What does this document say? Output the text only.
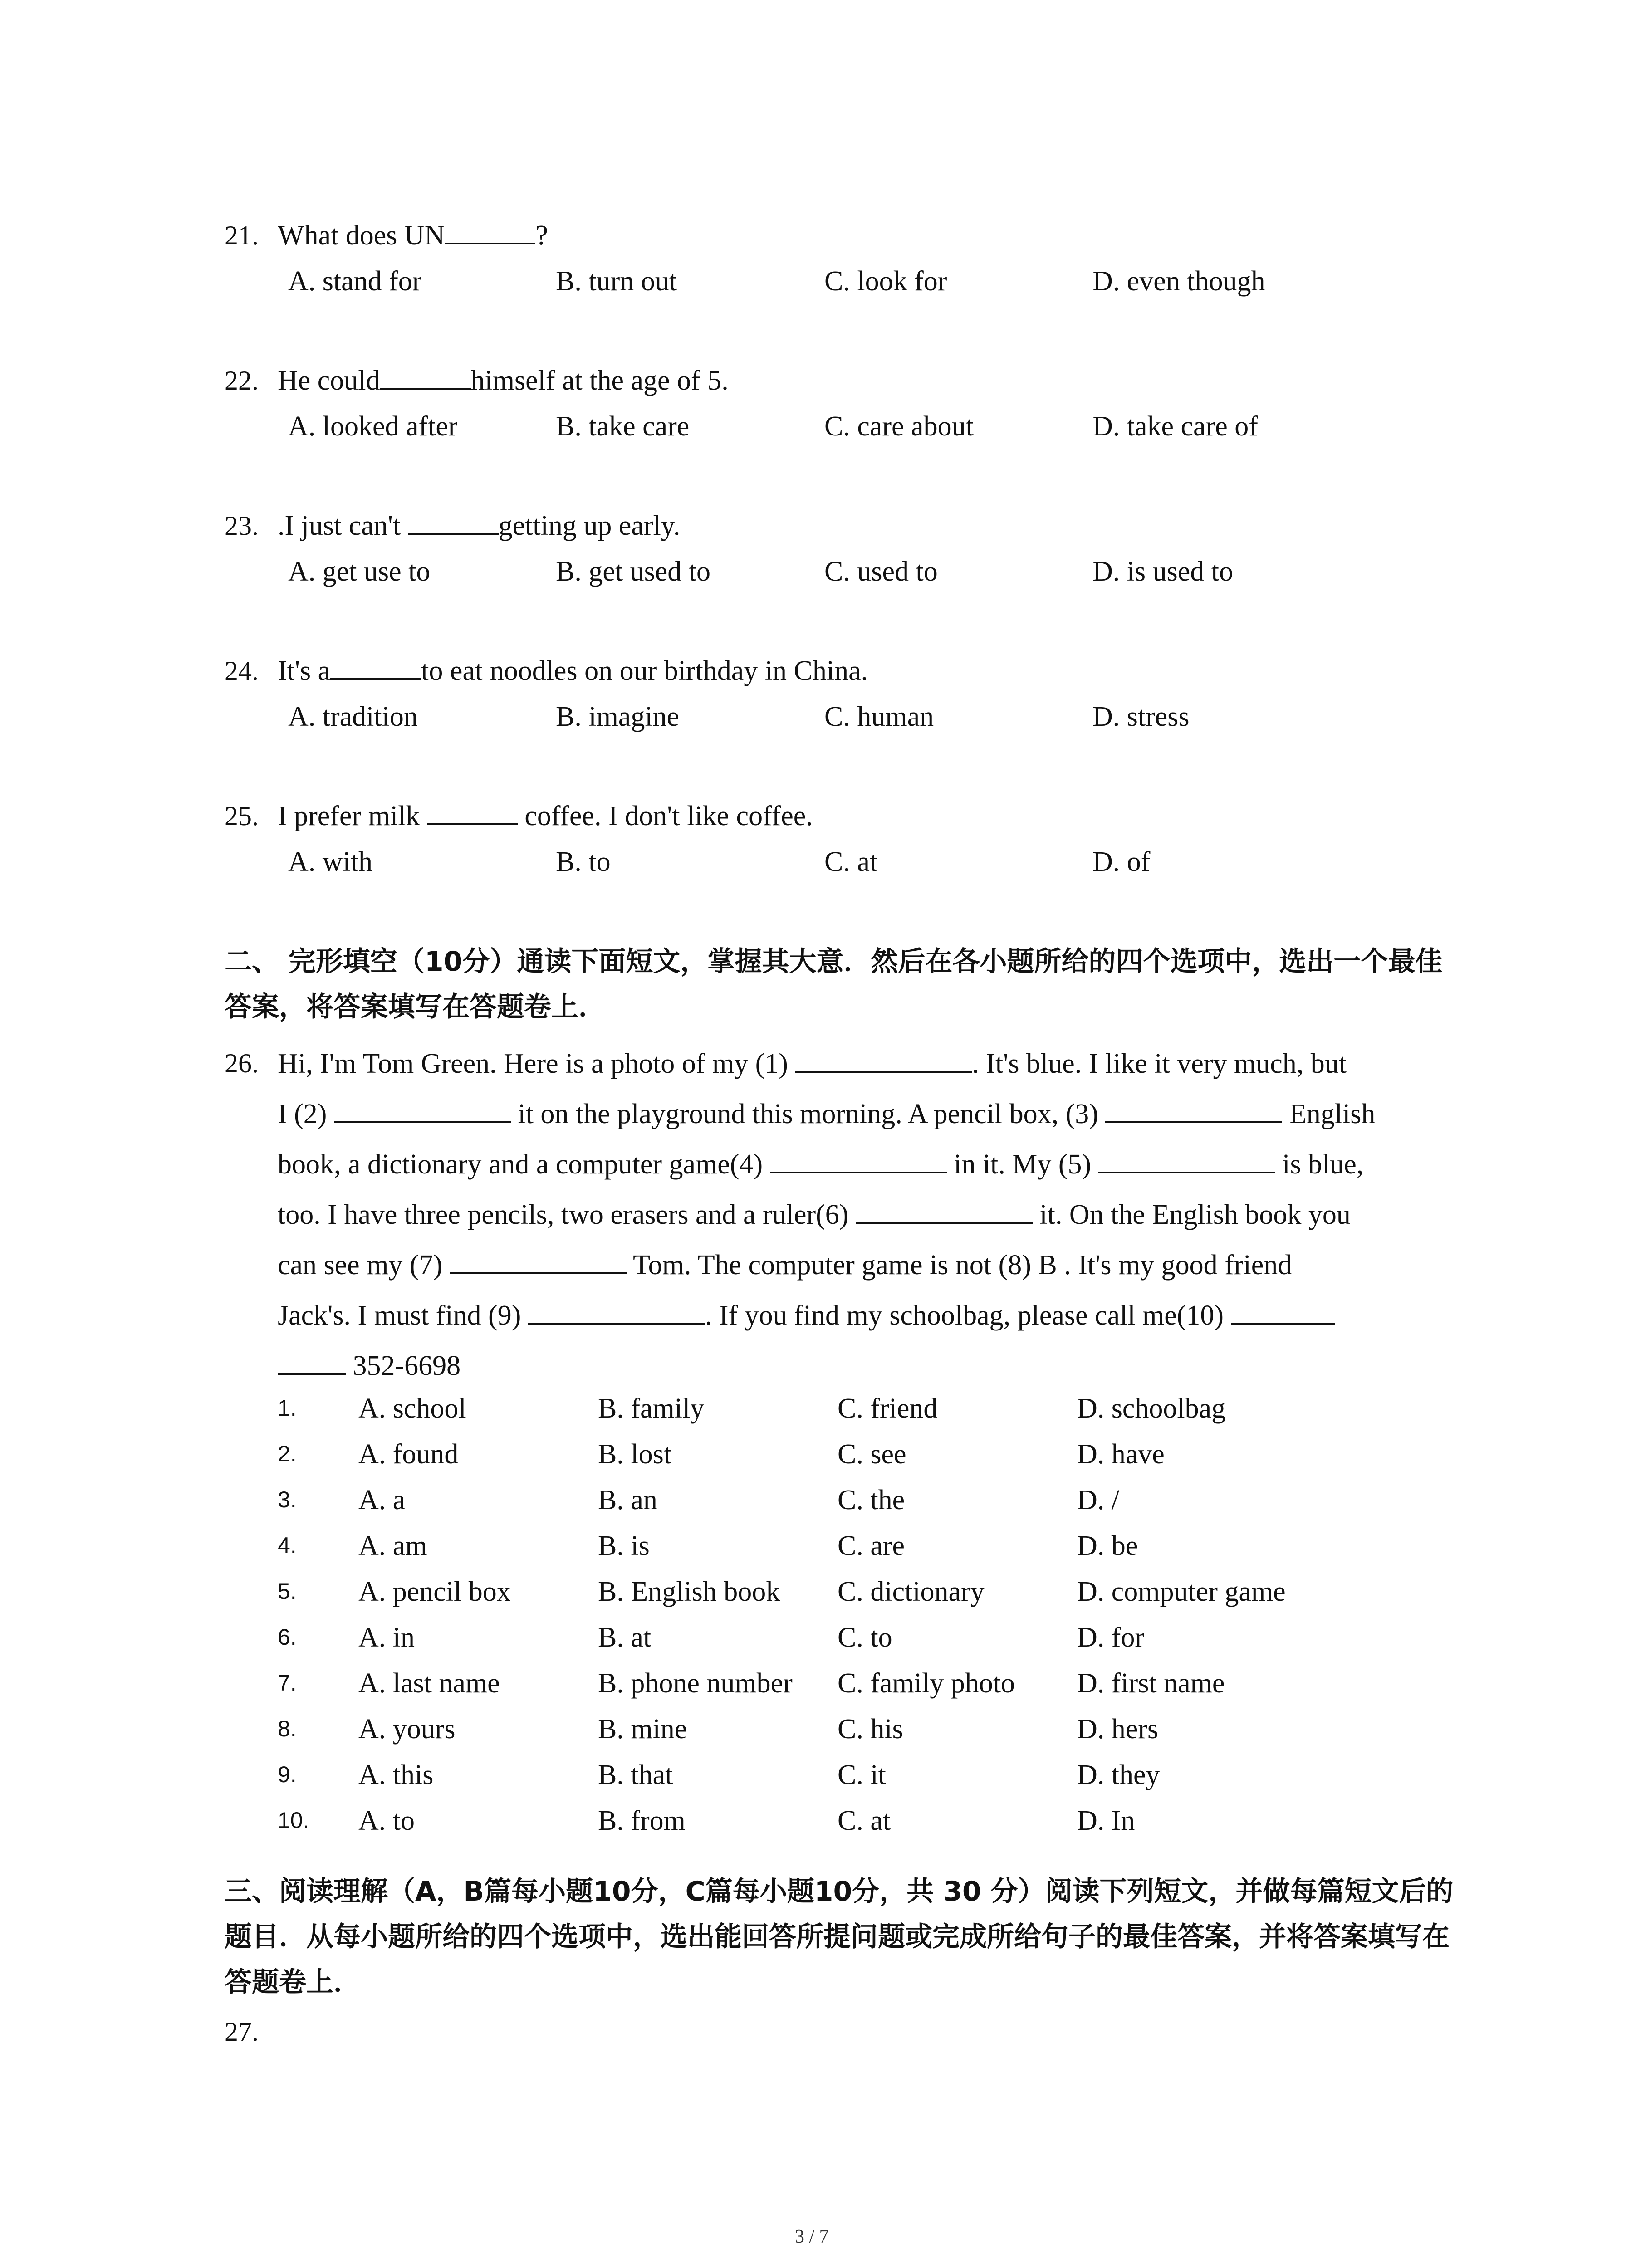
21. What does UN	?
A. stand for	B. turn out	C. look for	D. even though
22. He could	himself at the age of 5.
A. looked after	B. take care	C. care about	D. take care of
23. .I just can't	getting up early.
A. get use to	B. get used to	C. used to	D. is used to
24. It's a	to eat noodles on our birthday in China.
A. tradition	B. imagine	C. human	D. stress
25. I prefer milk	coffee. I don't like coffee.
A. with	B. to	C. at	D. of
二、 完形填空（10分）通读下面短文，掌握其大意．然后在各小题所给的四个选项中，选出一个最佳答案，将答案填写在答题卷上．
26. Hi, I'm Tom Green. Here is a photo of my (1)	. It's blue. I like it very much, but
I (2)	it on the playground this morning. A pencil box, (3)	English
book, a dictionary and a computer game(4)	in it. My (5)	is blue,
too. I have three pencils, two erasers and a ruler(6)	it. On the English book you
can see my (7)	Tom. The computer game is not (8) B . It's my good friend
Jack's. I must find (9)	. If you find my schoolbag, please call me(10)
352-6698
1. A. school	B. family	C. friend	D. schoolbag
2. A. found	B. lost	C. see	D. have
3. A. a	B. an	C. the	D. /
4. A. am	B. is	C. are	D. be
5. A. pencil box	B. English book C. dictionary	D. computer game
6. A. in	B. at	C. to	D. for
7. A. last name	B. phone number C. family photo D. first name
8. A. yours	B. mine	C. his	D. hers
9. A. this	B. that	C. it	D. they
10. A. to	B. from	C. at	D. In
三、阅读理解（A，B篇每小题10分，C篇每小题10分，共 30 分）阅读下列短文，并做每篇短文后的题目．从每小题所给的四个选项中，选出能回答所提问题或完成所给句子的最佳答案，并将答案填写在答题卷上．
27.
3 / 7
